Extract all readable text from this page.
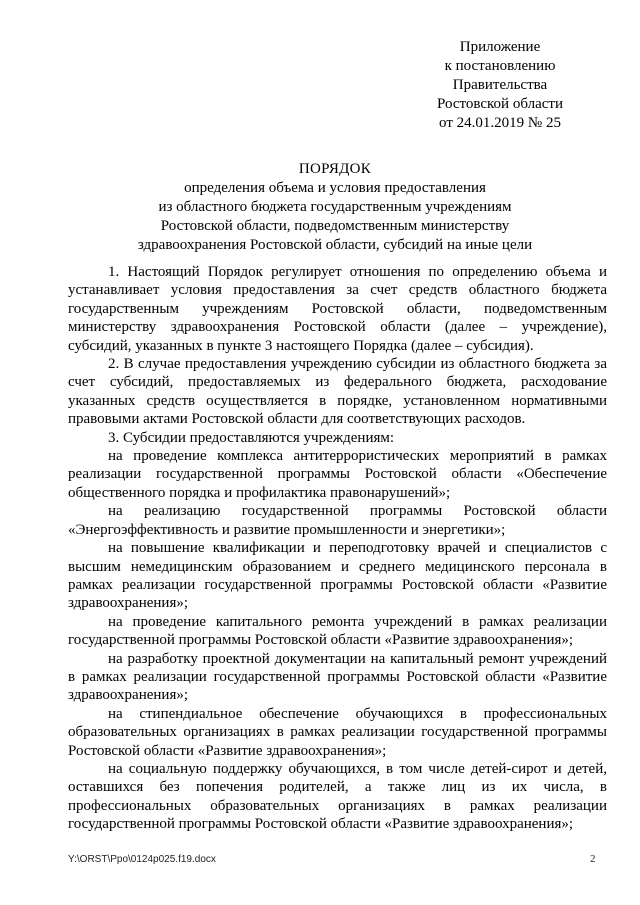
Приложение
к постановлению
Правительства
Ростовской области
от 24.01.2019 № 25
ПОРЯДОК
определения объема и условия предоставления
из областного бюджета государственным учреждениям
Ростовской области, подведомственным министерству
здравоохранения Ростовской области, субсидий на иные цели

1. Настоящий Порядок регулирует отношения по определению объема и устанавливает условия предоставления за счет средств областного бюджета государственным учреждениям Ростовской области, подведомственным министерству здравоохранения Ростовской области (далее – учреждение), субсидий, указанных в пункте 3 настоящего Порядка (далее – субсидия).

2. В случае предоставления учреждению субсидии из областного бюджета за счет субсидий, предоставляемых из федерального бюджета, расходование указанных средств осуществляется в порядке, установленном нормативными правовыми актами Ростовской области для соответствующих расходов.

3. Субсидии предоставляются учреждениям:

на проведение комплекса антитеррористических мероприятий в рамках реализации государственной программы Ростовской области «Обеспечение общественного порядка и профилактика правонарушений»;

на реализацию государственной программы Ростовской области «Энергоэффективность и развитие промышленности и энергетики»;

на повышение квалификации и переподготовку врачей и специалистов с высшим немедицинским образованием и среднего медицинского персонала в рамках реализации государственной программы Ростовской области «Развитие здравоохранения»;

на проведение капитального ремонта учреждений в рамках реализации государственной программы Ростовской области «Развитие здравоохранения»;

на разработку проектной документации на капитальный ремонт учреждений в рамках реализации государственной программы Ростовской области «Развитие здравоохранения»;

на стипендиальное обеспечение обучающихся в профессиональных образовательных организациях в рамках реализации государственной программы Ростовской области «Развитие здравоохранения»;

на социальную поддержку обучающихся, в том числе детей-сирот и детей, оставшихся без попечения родителей, а также лиц из их числа, в профессиональных образовательных организациях в рамках реализации государственной программы Ростовской области «Развитие здравоохранения»;

Y:\ORST\Ppo\0124p025.f19.docx	2
